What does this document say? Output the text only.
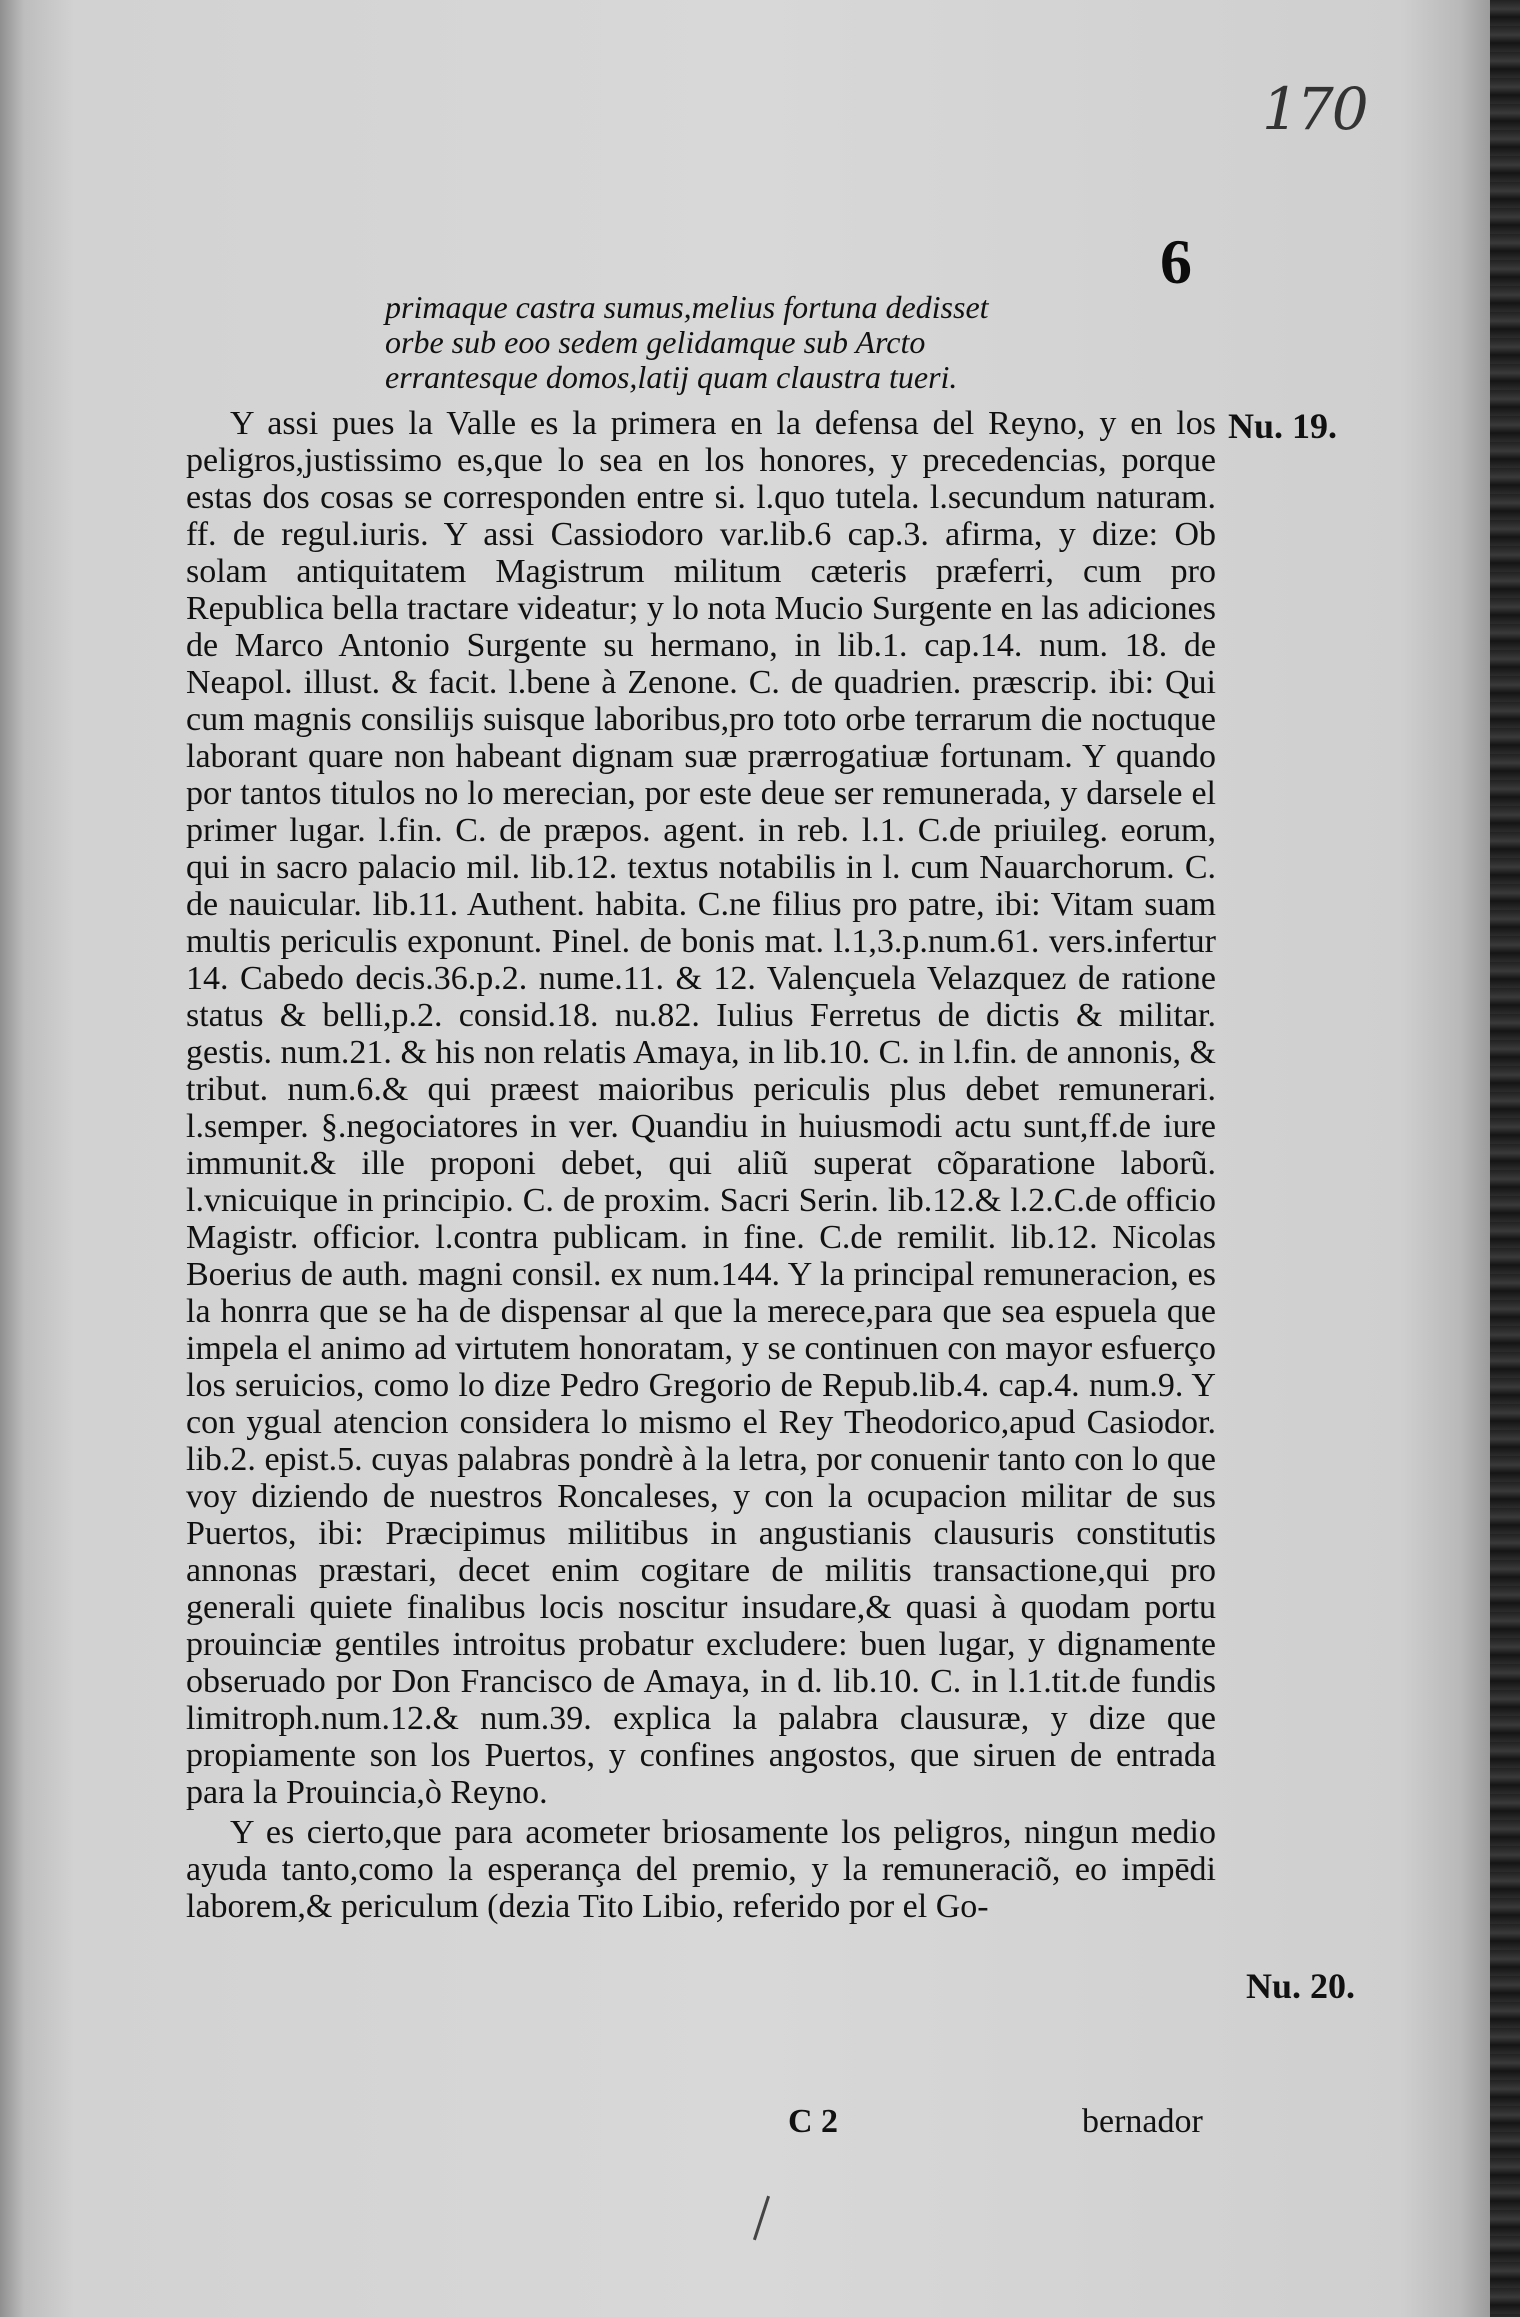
170
6
primaque castra sumus,melius fortuna dedisset
orbe sub eoo sedem gelidamque sub Arcto
errantesque domos,latij quam claustra tueri.
Nu. 19.
Nu. 20.

Y assi pues la Valle es la primera en la defensa del Reyno, y en los peligros,justissimo es,que lo sea en los honores, y precedencias, porque estas dos cosas se corresponden entre si. l.quo tutela. l.secundum naturam. ff. de regul.iuris. Y assi Cassiodoro var.lib.6 cap.3. afirma, y dize: Ob solam antiquitatem Magistrum militum cæteris præferri, cum pro Republica bella tractare videatur; y lo nota Mucio Surgente en las adiciones de Marco Antonio Surgente su hermano, in lib.1. cap.14. num. 18. de Neapol. illust. & facit. l.bene à Zenone. C. de quadrien. præscrip. ibi: Qui cum magnis consilijs suisque laboribus,pro toto orbe terrarum die noctuque laborant quare non habeant dignam suæ prærrogatiuæ fortunam. Y quando por tantos titulos no lo merecian, por este deue ser remunerada, y darsele el primer lugar. l.fin. C. de præpos. agent. in reb. l.1. C.de priuileg. eorum, qui in sacro palacio mil. lib.12. textus notabilis in l. cum Nauarchorum. C. de nauicular. lib.11. Authent. habita. C.ne filius pro patre, ibi: Vitam suam multis periculis exponunt. Pinel. de bonis mat. l.1,3.p.num.61. vers.infertur 14. Cabedo decis.36.p.2. nume.11. & 12. Valençuela Velazquez de ratione status & belli,p.2. consid.18. nu.82. Iulius Ferretus de dictis & militar. gestis. num.21. & his non relatis Amaya, in lib.10. C. in l.fin. de annonis, & tribut. num.6.& qui præest maioribus periculis plus debet remunerari. l.semper. §.negociatores in ver. Quandiu in huiusmodi actu sunt,ff.de iure immunit.& ille proponi debet, qui aliũ superat cõparatione laborũ. l.vnicuique in principio. C. de proxim. Sacri Serin. lib.12.& l.2.C.de officio Magistr. officior. l.contra publicam. in fine. C.de remilit. lib.12. Nicolas Boerius de auth. magni consil. ex num.144. Y la principal remuneracion, es la honrra que se ha de dispensar al que la merece,para que sea espuela que impela el animo ad virtutem honoratam, y se continuen con mayor esfuerço los seruicios, como lo dize Pedro Gregorio de Repub.lib.4. cap.4. num.9. Y con ygual atencion considera lo mismo el Rey Theodorico,apud Casiodor. lib.2. epist.5. cuyas palabras pondrè à la letra, por conuenir tanto con lo que voy diziendo de nuestros Roncaleses, y con la ocupacion militar de sus Puertos, ibi: Præcipimus militibus in angustianis clausuris constitutis annonas præstari, decet enim cogitare de militis transactione,qui pro generali quiete finalibus locis noscitur insudare,& quasi à quodam portu prouinciæ gentiles introitus probatur excludere: buen lugar, y dignamente obseruado por Don Francisco de Amaya, in d. lib.10. C. in l.1.tit.de fundis limitroph.num.12.& num.39. explica la palabra clausuræ, y dize que propiamente son los Puertos, y confines angostos, que siruen de entrada para la Prouincia,ò Reyno.

Y es cierto,que para acometer briosamente los peligros, ningun medio ayuda tanto,como la esperança del premio, y la remuneraciõ, eo impēdi laborem,& periculum (dezia Tito Libio, referido por el Go-

C 2	bernador
